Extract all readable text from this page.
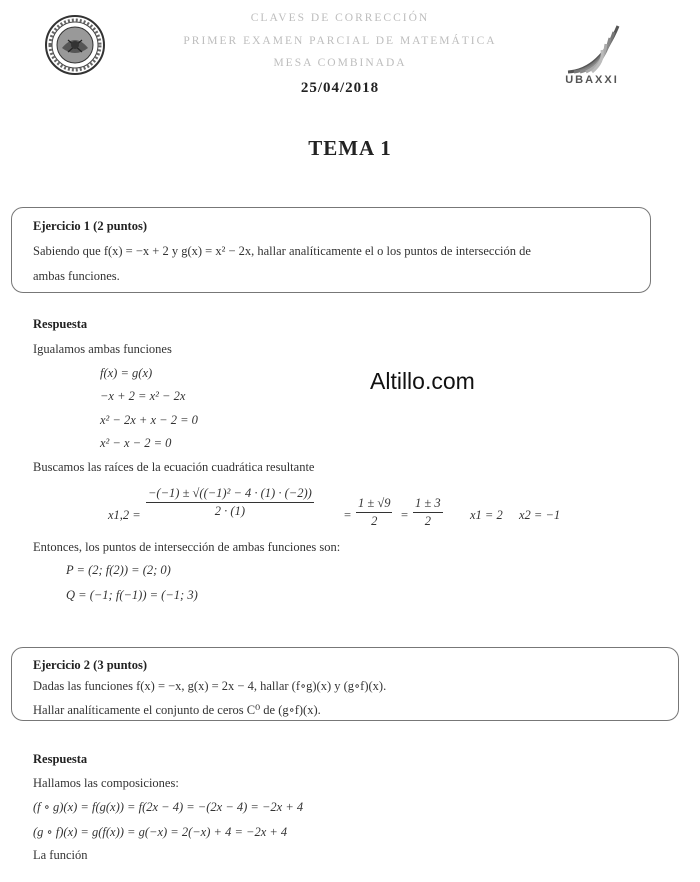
CLAVES DE CORRECCIÓN
PRIMER EXAMEN PARCIAL DE MATEMÁTICA
MESA COMBINADA
25/04/2018	UBAXXI
TEMA 1
Ejercicio 1 (2 puntos)
Sabiendo que f(x) = −x + 2 y g(x) = x² − 2x, hallar analíticamente el o los puntos de intersección de
ambas funciones.
Respuesta
Igualamos ambas funciones
f(x) = g(x)
−x + 2 = x² − 2x
x² − 2x + x − 2 = 0
x² − x − 2 = 0
Altillo.com
Buscamos las raíces de la ecuación cuadrática resultante
$x1,2 = \frac{\text{−(−1) ± √((−1)² − 4 · (1) · (−2))}}{2 \cdot (1)} = \frac{1 \pm √9}{2} = \frac{1 \pm 3}{2} x1 = 2$ x2 = −1
Entonces, los puntos de intersección de ambas funciones son:
P = (2; f(2)) = (2; 0)
Q = (−1; f(−1)) = (−1; 3)
Ejercicio 2 (3 puntos)
Dadas las funciones f(x) = −x, g(x) = 2x − 4, hallar (f∘g)(x) y (g∘f)(x).
Hallar analíticamente el conjunto de ceros C⁰ de (g∘f)(x).
Respuesta
Hallamos las composiciones:
(f ∘ g)(x) = f(g(x)) = f(2x − 4) = −(2x − 4) = −2x + 4
(g ∘ f)(x) = g(f(x)) = g(−x) = 2(−x) + 4 = −2x + 4
La función
